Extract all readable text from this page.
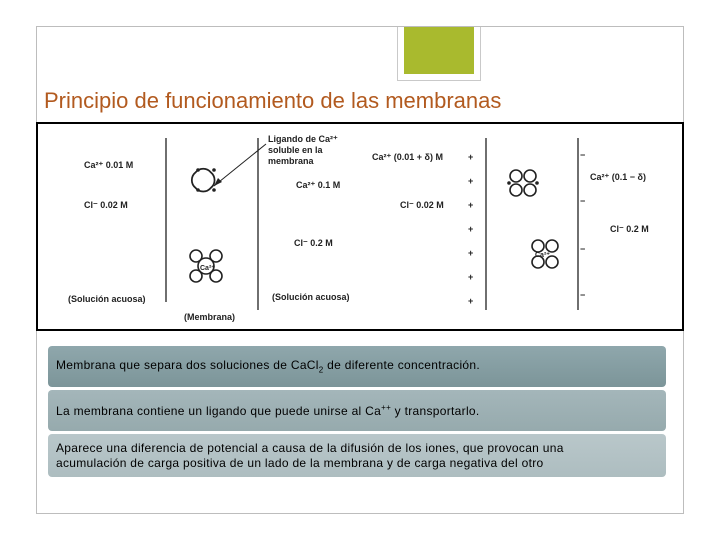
Principio de funcionamiento de las membranas
Ca²⁺ 0.01 M
Cl⁻ 0.02 M
(Solución acuosa)
Ca²⁺
(Membrana)
Ligando de Ca²⁺
soluble en la
membrana
Ca²⁺ 0.1 M
Cl⁻ 0.2 M
(Solución acuosa)
Ca²⁺ (0.01 + δ) M
Cl⁻ 0.02 M
+
+
+
+
+
+
+
Ca²⁺
−
−
−
−
Ca²⁺ (0.1 − δ)
Cl⁻ 0.2 M
Membrana que separa dos soluciones de CaCl$_2$ de diferente concentración.
La membrana contiene un ligando que puede unirse al Ca++ y transportarlo.
Aparece una diferencia de potencial a causa de la difusión de los iones, que provocan una
acumulación de carga positiva de un lado de la membrana y de carga negativa del otro
